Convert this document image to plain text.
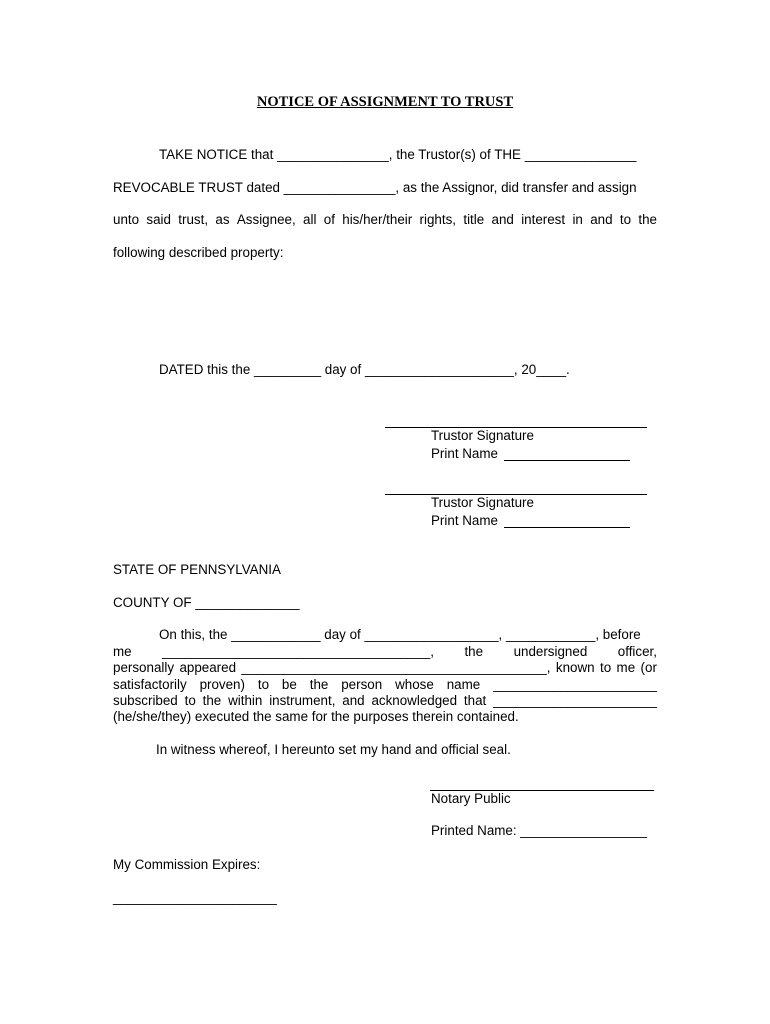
NOTICE OF ASSIGNMENT TO TRUST
TAKE NOTICE that _______________, the Trustor(s) of THE _______________
REVOCABLE TRUST dated _______________, as the Assignor, did transfer and assign
unto said trust, as Assignee, all of his/her/their rights, title and interest in and to the
following described property:
DATED this the _________ day of ____________________, 20____.
Trustor Signature
Print Name
Trustor Signature
Print Name
STATE OF PENNSYLVANIA
COUNTY OF ______________
On this, the ____________ day of __________________, ____________, before
me ____________________________________, the undersigned officer,
personally appeared _________________________________________, known to me (or
satisfactorily proven) to be the person whose name ______________________
subscribed to the within instrument, and acknowledged that ______________________
(he/she/they) executed the same for the purposes therein contained.
In witness whereof, I hereunto set my hand and official seal.
Notary Public
Printed Name: _________________
My Commission Expires:
______________________
